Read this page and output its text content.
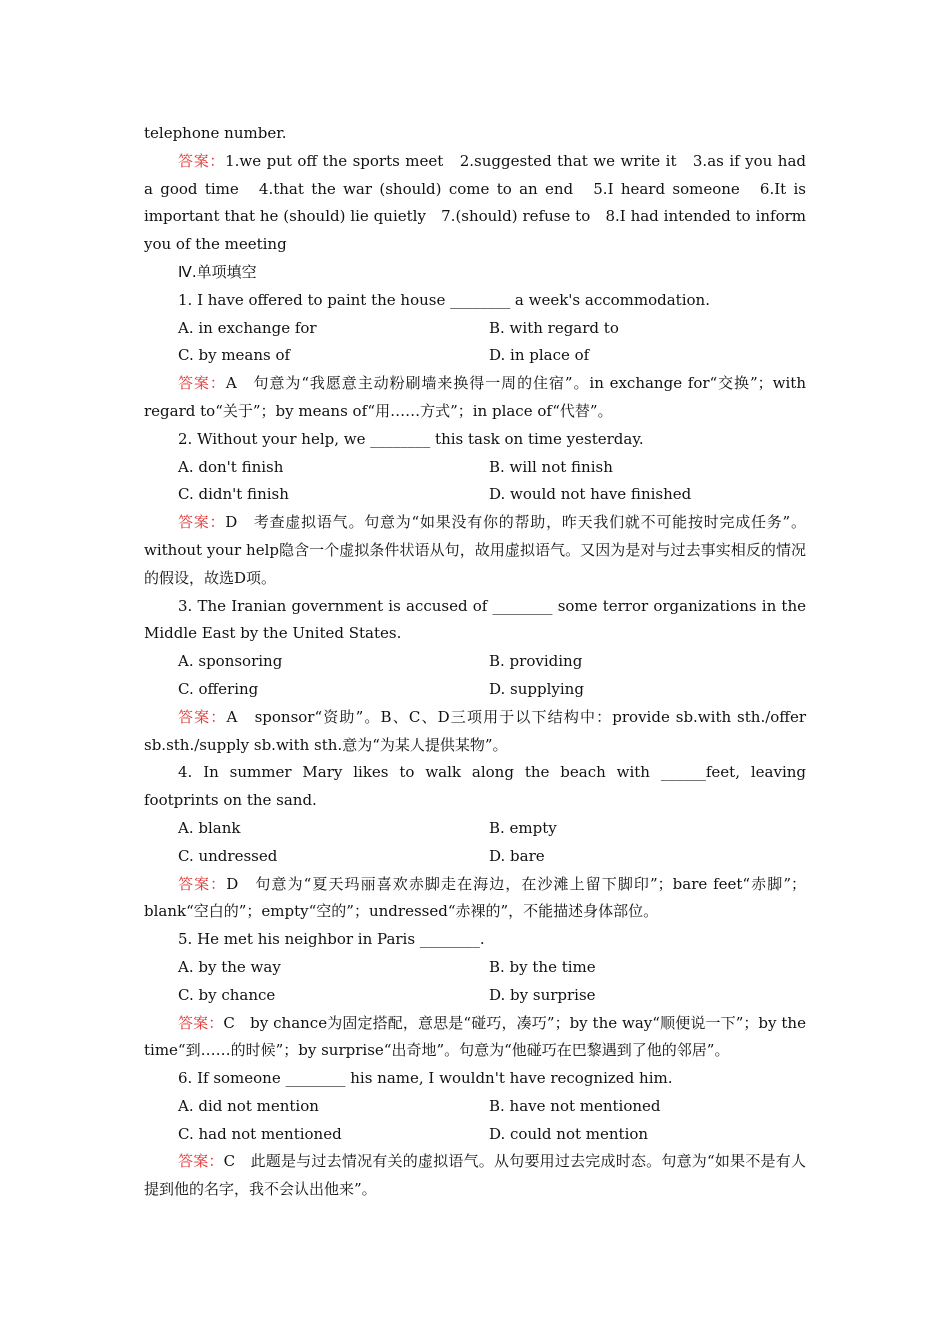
telephone number.

答案：1.we put off the sports meet　2.suggested that we write it　3.as if you had a good time　4.that the war (should) come to an end　5.I heard someone　6.It is important that he (should) lie quietly　7.(should) refuse to　8.I had intended to inform you of the meeting

Ⅳ.单项填空

1. I have offered to paint the house ________ a week's accommodation.

A. in exchange for	B. with regard to
C. by means of	D. in place of

答案：A　句意为“我愿意主动粉刷墙来换得一周的住宿”。in exchange for“交换”；with regard to“关于”；by means of“用……方式”；in place of“代替”。

2. Without your help, we ________ this task on time yesterday.

A. don't finish	B. will not finish
C. didn't finish	D. would not have finished

答案：D　考查虚拟语气。句意为“如果没有你的帮助，昨天我们就不可能按时完成任务”。without your help隐含一个虚拟条件状语从句，故用虚拟语气。又因为是对与过去事实相反的情况的假设，故选D项。

3. The Iranian government is accused of ________ some terror organizations in the Middle East by the United States.

A. sponsoring	B. providing
C. offering	D. supplying

答案：A　sponsor“资助”。B、C、D三项用于以下结构中：provide sb.with sth./offer sb.sth./supply sb.with sth.意为“为某人提供某物”。

4. In summer Mary likes to walk along the beach with ______feet, leaving footprints on the sand.

A. blank	B. empty
C. undressed	D. bare

答案：D　句意为“夏天玛丽喜欢赤脚走在海边，在沙滩上留下脚印”；bare feet“赤脚”；blank“空白的”；empty“空的”；undressed“赤裸的”，不能描述身体部位。

5. He met his neighbor in Paris ________.

A. by the way	B. by the time
C. by chance	D. by surprise

答案：C　by chance为固定搭配，意思是“碰巧，凑巧”；by the way“顺便说一下”；by the time“到……的时候”；by surprise“出奇地”。句意为“他碰巧在巴黎遇到了他的邻居”。

6. If someone ________ his name, I wouldn't have recognized him.

A. did not mention	B. have not mentioned
C. had not mentioned	D. could not mention

答案：C　此题是与过去情况有关的虚拟语气。从句要用过去完成时态。句意为“如果不是有人提到他的名字，我不会认出他来”。
